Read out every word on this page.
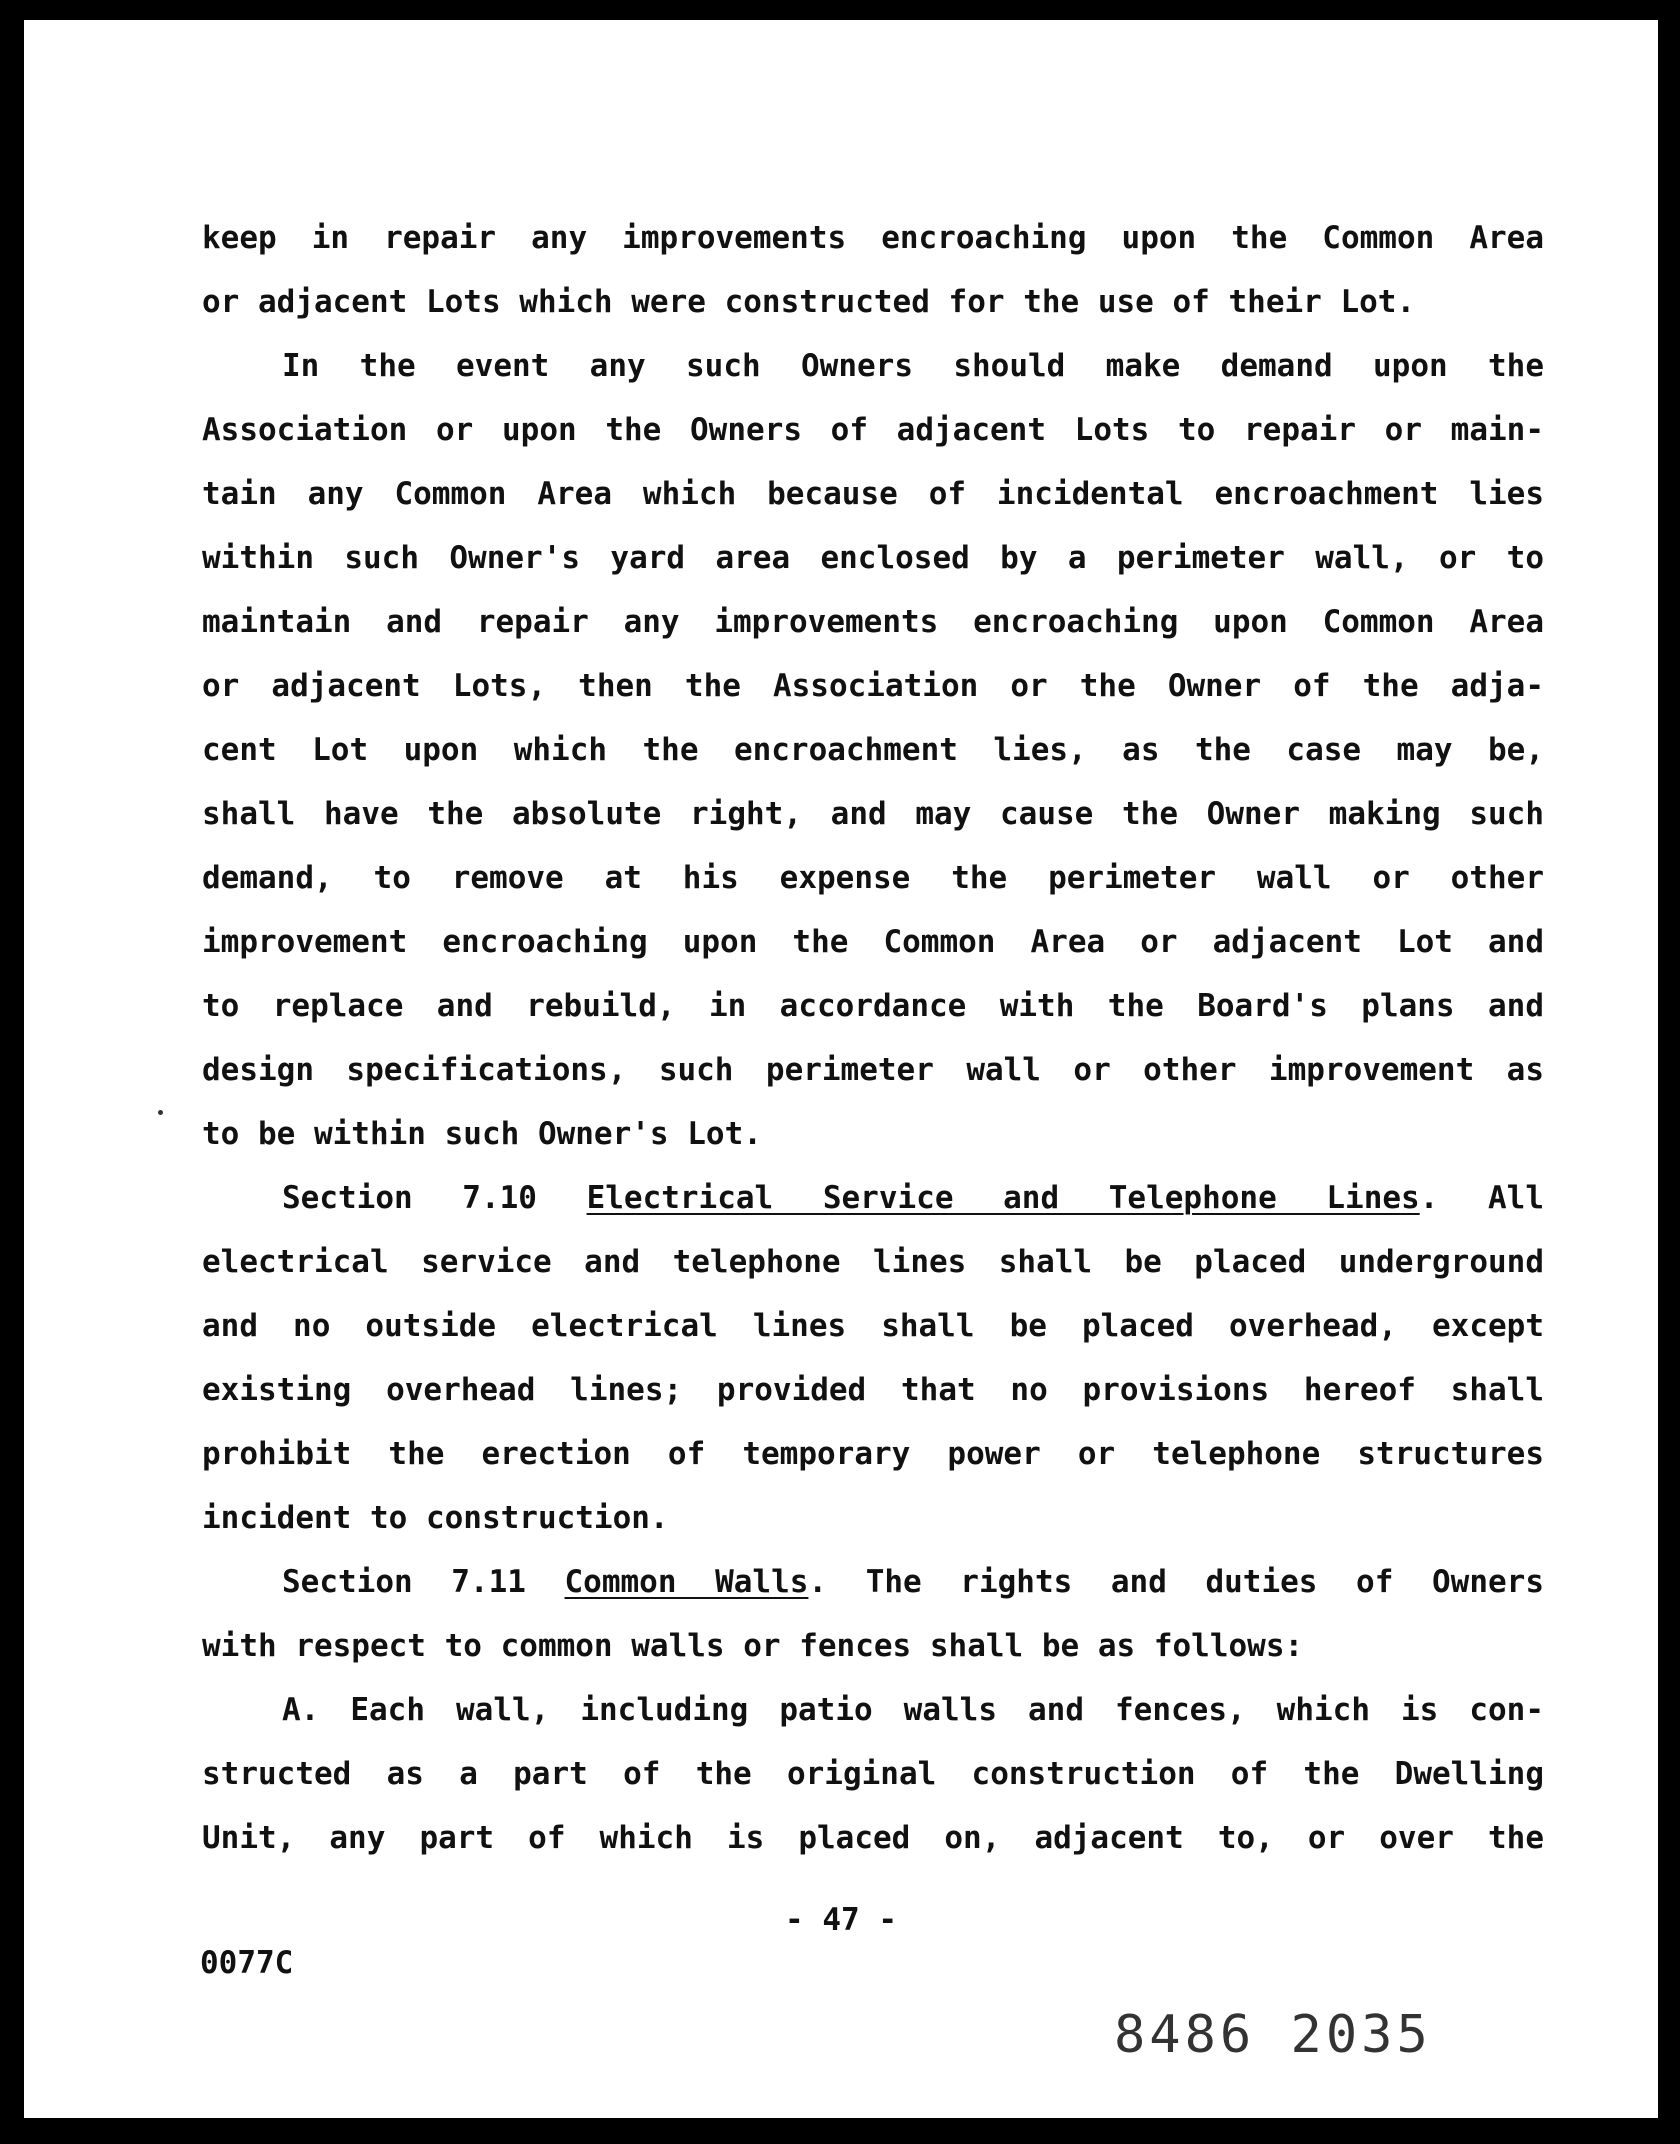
keep in repair any improvements encroaching upon the Common Area
or adjacent Lots which were constructed for the use of their Lot.
In the event any such Owners should make demand upon the
Association or upon the Owners of adjacent Lots to repair or main-
tain any Common Area which because of incidental encroachment lies
within such Owner's yard area enclosed by a perimeter wall, or to
maintain and repair any improvements encroaching upon Common Area
or adjacent Lots, then the Association or the Owner of the adja-
cent Lot upon which the encroachment lies, as the case may be,
shall have the absolute right, and may cause the Owner making such
demand, to remove at his expense the perimeter wall or other
improvement encroaching upon the Common Area or adjacent Lot and
to replace and rebuild, in accordance with the Board's plans and
design specifications, such perimeter wall or other improvement as
to be within such Owner's Lot.
Section 7.10 Electrical Service and Telephone Lines. All
electrical service and telephone lines shall be placed underground
and no outside electrical lines shall be placed overhead, except
existing overhead lines; provided that no provisions hereof shall
prohibit the erection of temporary power or telephone structures
incident to construction.
Section 7.11 Common Walls. The rights and duties of Owners
with respect to common walls or fences shall be as follows:
A. Each wall, including patio walls and fences, which is con-
structed as a part of the original construction of the Dwelling
Unit, any part of which is placed on, adjacent to, or over the
- 47 -
0077C
8486 2035
